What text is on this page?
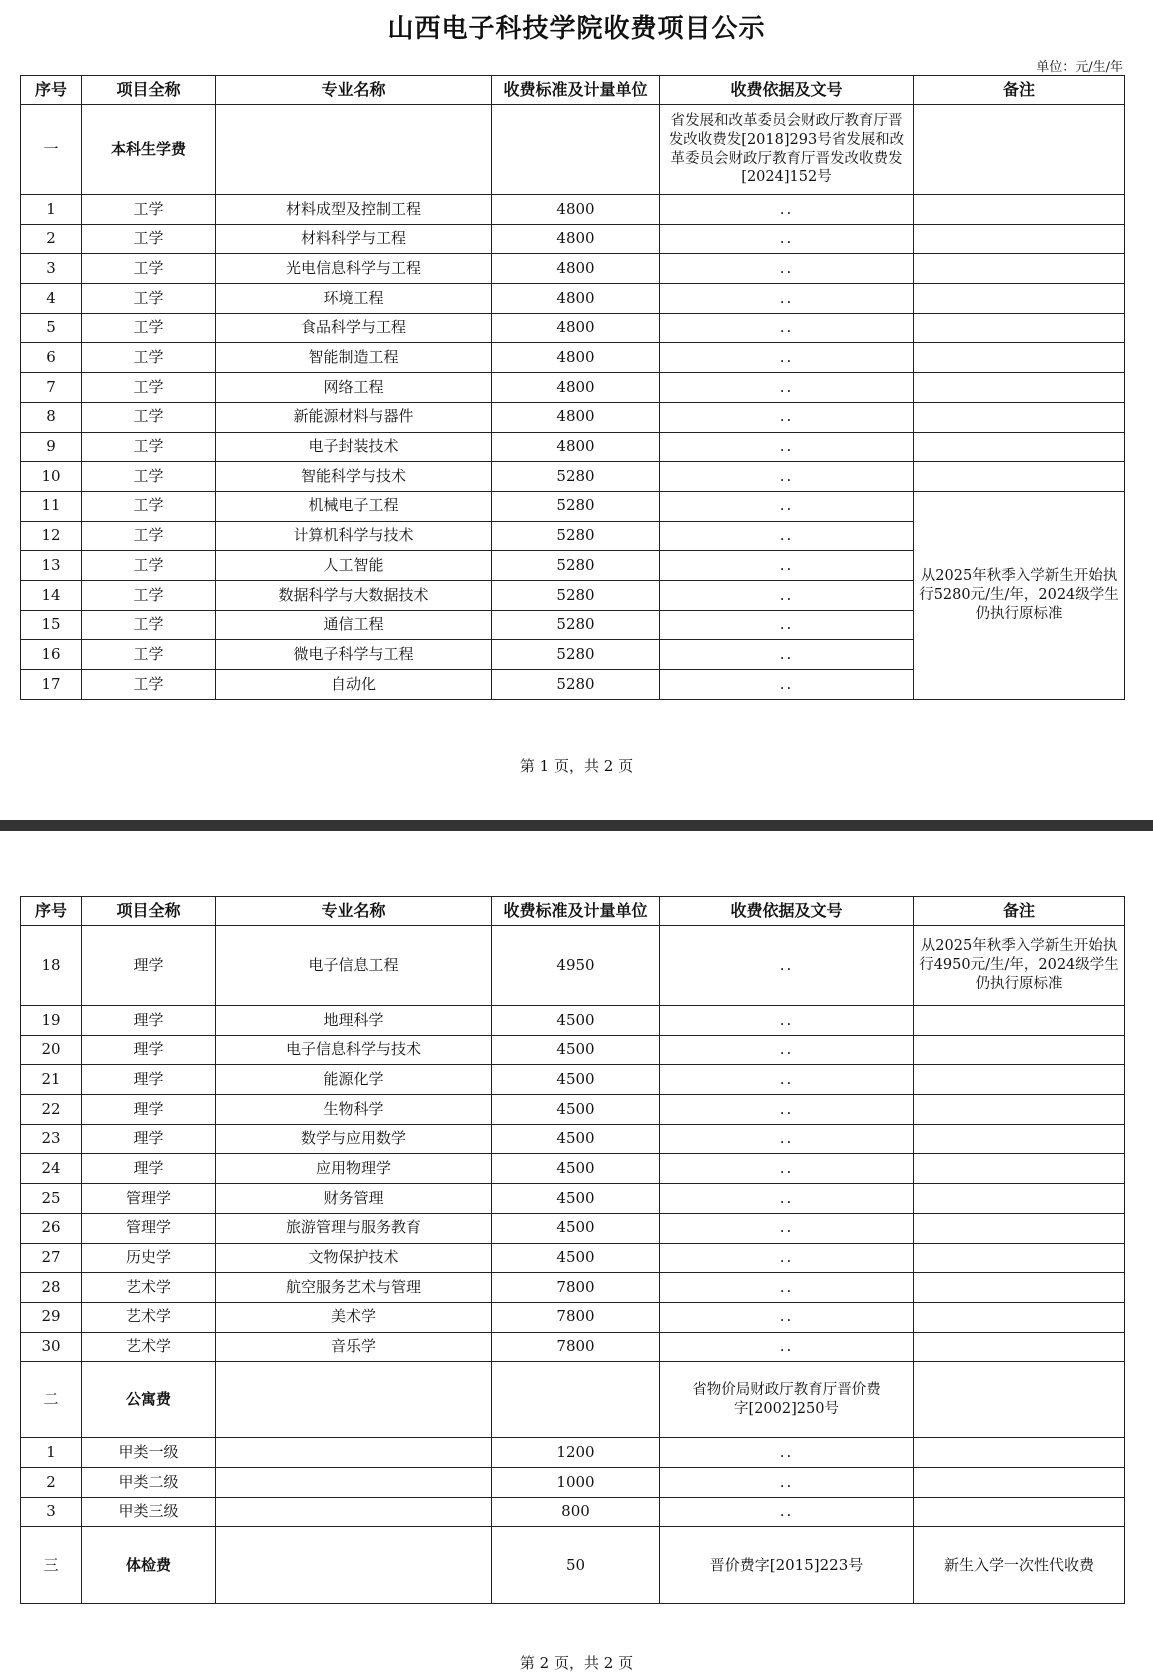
山西电子科技学院收费项目公示
单位：元/生/年
序号	项目全称	专业名称	收费标准及计量单位	收费依据及文号	备注
一	本科生学费			省发展和改革委员会财政厅教育厅晋发改收费发[2018]293号省发展和改革委员会财政厅教育厅晋发改收费发[2024]152号	
1	工学	材料成型及控制工程	4800	..	
2	工学	材料科学与工程	4800	..	
3	工学	光电信息科学与工程	4800	..	
4	工学	环境工程	4800	..	
5	工学	食品科学与工程	4800	..	
6	工学	智能制造工程	4800	..	
7	工学	网络工程	4800	..	
8	工学	新能源材料与器件	4800	..	
9	工学	电子封装技术	4800	..	
10	工学	智能科学与技术	5280	..	
11	工学	机械电子工程	5280	..	从2025年秋季入学新生开始执行5280元/生/年，2024级学生仍执行原标准
12	工学	计算机科学与技术	5280	..	
13	工学	人工智能	5280	..	
14	工学	数据科学与大数据技术	5280	..	
15	工学	通信工程	5280	..	
16	工学	微电子科学与工程	5280	..	
17	工学	自动化	5280	..	
第 1 页，共 2 页
序号	项目全称	专业名称	收费标准及计量单位	收费依据及文号	备注
18	理学	电子信息工程	4950	..	从2025年秋季入学新生开始执行4950元/生/年，2024级学生仍执行原标准
19	理学	地理科学	4500	..	
20	理学	电子信息科学与技术	4500	..	
21	理学	能源化学	4500	..	
22	理学	生物科学	4500	..	
23	理学	数学与应用数学	4500	..	
24	理学	应用物理学	4500	..	
25	管理学	财务管理	4500	..	
26	管理学	旅游管理与服务教育	4500	..	
27	历史学	文物保护技术	4500	..	
28	艺术学	航空服务艺术与管理	7800	..	
29	艺术学	美术学	7800	..	
30	艺术学	音乐学	7800	..	
二	公寓费			省物价局财政厅教育厅晋价费字[2002]250号	
1	甲类一级		1200	..	
2	甲类二级		1000	..	
3	甲类三级		800	..	
三	体检费		50	晋价费字[2015]223号	新生入学一次性代收费
第 2 页，共 2 页
